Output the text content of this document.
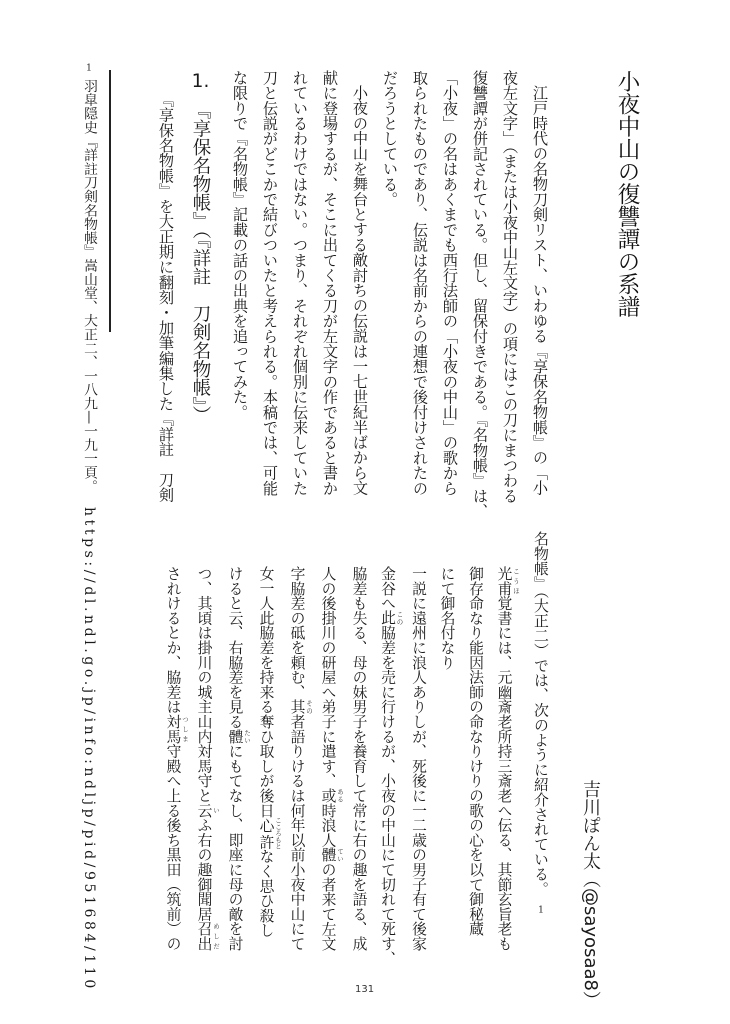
小夜中山の復讐譚の系譜
吉川ぽん太（@sayosaa8）
江戸時代の名物刀剣リスト、いわゆる『享保名物帳』の「小
夜左文字」（または小夜中山左文字）の項にはこの刀にまつわる
復讐譚が併記されている。但し、留保付きである。『名物帳』は、
「小夜」の名はあくまでも西行法師の「小夜の中山」の歌から
取られたものであり、伝説は名前からの連想で後付けされたの
だろうとしている。
小夜の中山を舞台とする敵討ちの伝説は一七世紀半ばから文
献に登場するが、そこに出てくる刀が左文字の作であると書か
れているわけではない。つまり、それぞれ個別に伝来していた
刀と伝説がどこかで結びついたと考えられる。本稿では、可能
な限りで『名物帳』記載の話の出典を追ってみた。
1.『享保名物帳』（『詳註　刀剣名物帳』）
『享保名物帳』を大正期に翻刻・加筆編集した『詳註　刀剣
1羽皐隠史『詳註刀剣名物帳』嵩山堂、大正二、一八九—一九一頁。https://dl.ndl.go.jp/info:ndljp/pid/951684/110	名物帳』（大正二）では、次のように紹介されている。1
光甫 こうほ覚書には、元幽斎老所持三斎老へ伝る、其節玄旨老も
御存命なり能因法師の命なりけりの歌の心を以て御秘蔵
にて御名付なり
一説に遠州に浪人ありしが、死後に一二歳の男子有て後家
金谷へ此 この脇差を売に行けるが、小夜の中山にて切れて死す、
脇差も失る、母の妹男子を養育して常に右の趣を語る、成
人の後掛川の研屋へ弟子に遣す、或 ある時浪人體 ていの者来て左文
字脇差の砥を頼む、其 その者語りけるは何年以前小夜中山にて
女一人此脇差を持来る奪ひ取しが後日心許 こころもとなく思ひ殺し
けると云、右脇差を見る體 たいにもてなし、即座に母の敵を討
つ、其頃は掛川の城主山内対馬守と云 いふ右の趣御聞居召出 めしだ
されけるとか、脇差は対馬 つしま守殿へ上る後ち黒田（筑前）の
131
